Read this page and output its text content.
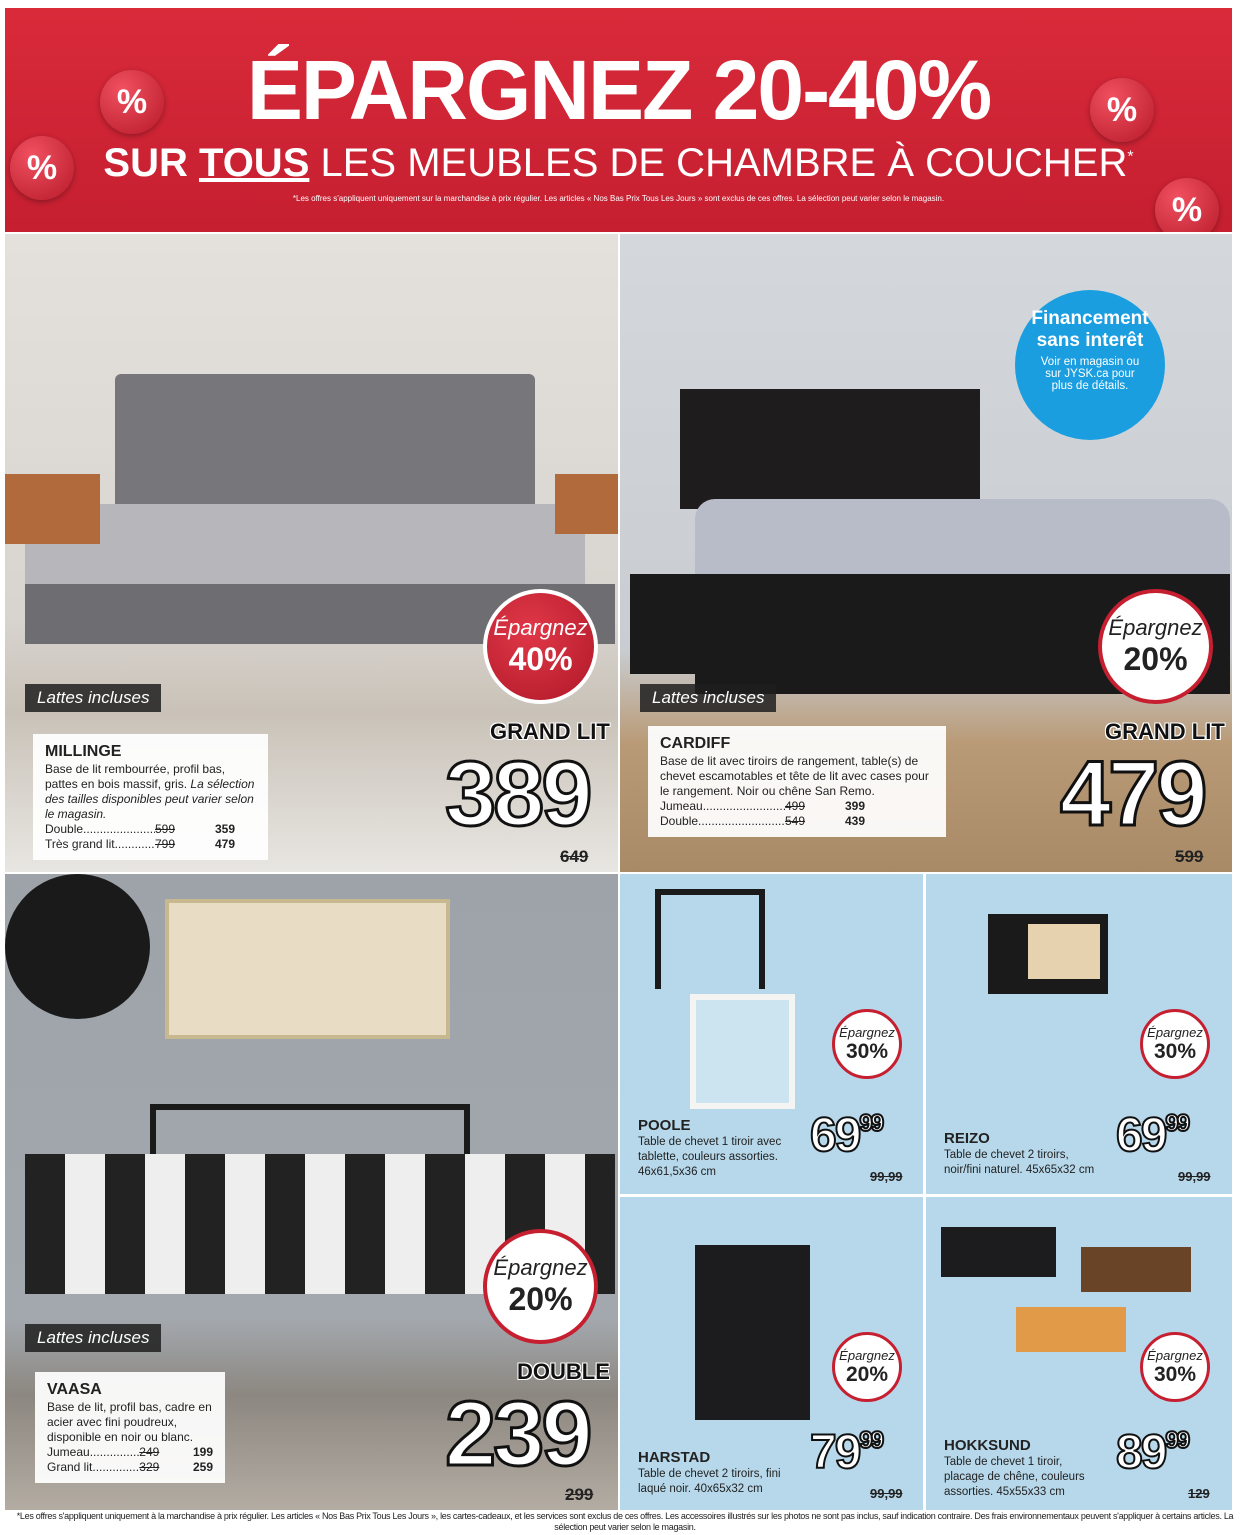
%
%	%
%
ÉPARGNEZ 20-40%
SUR TOUS LES MEUBLES DE CHAMBRE À COUCHER*
*Les offres s'appliquent uniquement sur la marchandise à prix régulier. Les articles « Nos Bas Prix Tous Les Jours » sont exclus de ces offres. La sélection peut varier selon le magasin.
Lattes incluses
MILLINGE
Base de lit rembourrée, profil bas, pattes en bois massif, gris. La sélection des tailles disponibles peut varier selon le magasin.
Double .....	599	359
Très grand lit .....	799	479
Épargnez
40%
GRAND LIT
389
649
Financement
sans interêt
Voir en magasin ou sur JYSK.ca pour plus de détails.
Lattes incluses
CARDIFF
Base de lit avec tiroirs de rangement, table(s) de chevet escamotables et tête de lit avec cases pour le rangement. Noir ou chêne San Remo.
Jumeau .....	499	399
Double .....	549	439
Épargnez
20%
GRAND LIT
479
599
Lattes incluses
VAASA
Base de lit, profil bas, cadre en acier avec fini poudreux, disponible en noir ou blanc.
Jumeau .....	249	199
Grand lit .....	329	259
Épargnez
20%
DOUBLE
239
299
Épargnez
30%
POOLE
Table de chevet 1 tiroir avec tablette, couleurs assorties. 46x61,5x36 cm
$69^{99}$
99,99
Épargnez
30%
REIZO
Table de chevet 2 tiroirs, noir/fini naturel. 45x65x32 cm
$69^{99}$
99,99
Épargnez
20%
HARSTAD
Table de chevet 2 tiroirs, fini laqué noir. 40x65x32 cm
$79^{99}$
99,99
Épargnez
30%
HOKKSUND
Table de chevet 1 tiroir, placage de chêne, couleurs assorties. 45x55x33 cm
$89^{99}$
129
*Les offres s'appliquent uniquement à la marchandise à prix régulier. Les articles « Nos Bas Prix Tous Les Jours », les cartes-cadeaux, et les services sont exclus de ces offres. Les accessoires illustrés sur les photos ne sont pas inclus, sauf indication contraire. Des frais environnementaux peuvent s'appliquer à certains articles. La sélection peut varier selon le magasin.
